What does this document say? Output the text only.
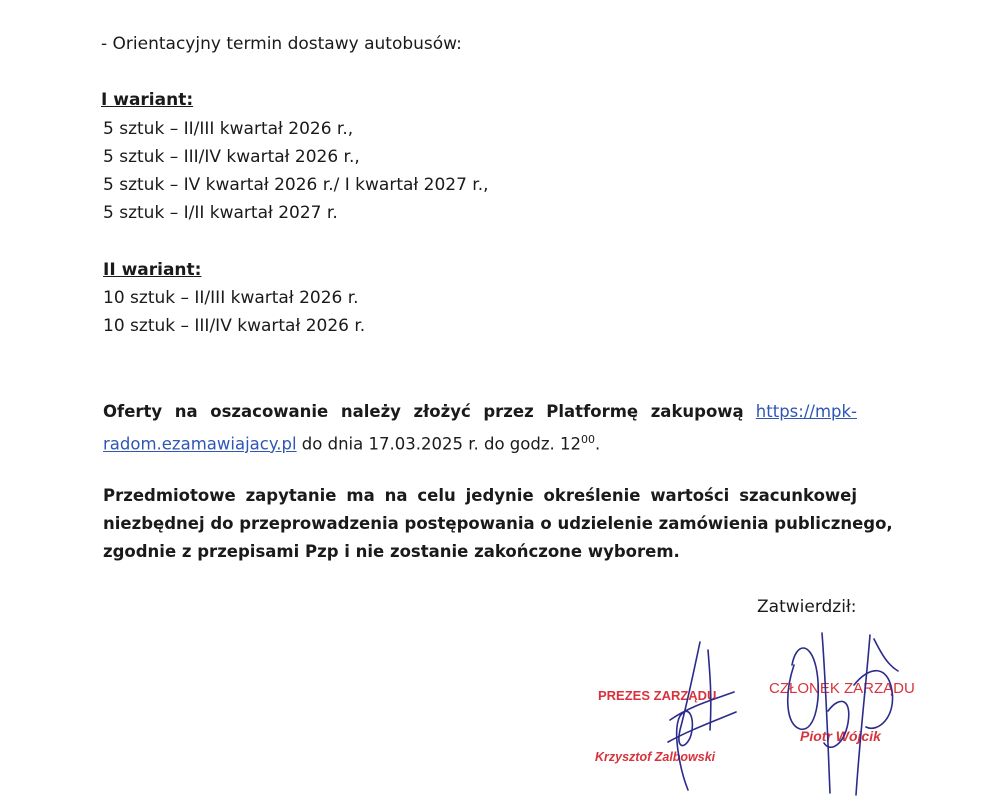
- Orientacyjny termin dostawy autobusów:
I wariant:
5 sztuk – II/III kwartał 2026 r.,
5 sztuk – III/IV kwartał 2026 r.,
5 sztuk – IV kwartał 2026 r./ I kwartał 2027 r.,
5 sztuk – I/II kwartał 2027 r.
II wariant:
10 sztuk – II/III kwartał 2026 r.
10 sztuk – III/IV kwartał 2026 r.
Oferty na oszacowanie należy złożyć przez Platformę zakupową https://mpk-
radom.ezamawiajacy.pl do dnia 17.03.2025 r. do godz. $12^{00}$.
Przedmiotowe zapytanie ma na celu jedynie określenie wartości szacunkowej
niezbędnej do przeprowadzenia postępowania o udzielenie zamówienia publicznego,
zgodnie z przepisami Pzp i nie zostanie zakończone wyborem.
Zatwierdził:
PREZES ZARZĄDU
Krzysztof Zalbowski
CZŁONEK ZARZĄDU
Piotr Wójcik
